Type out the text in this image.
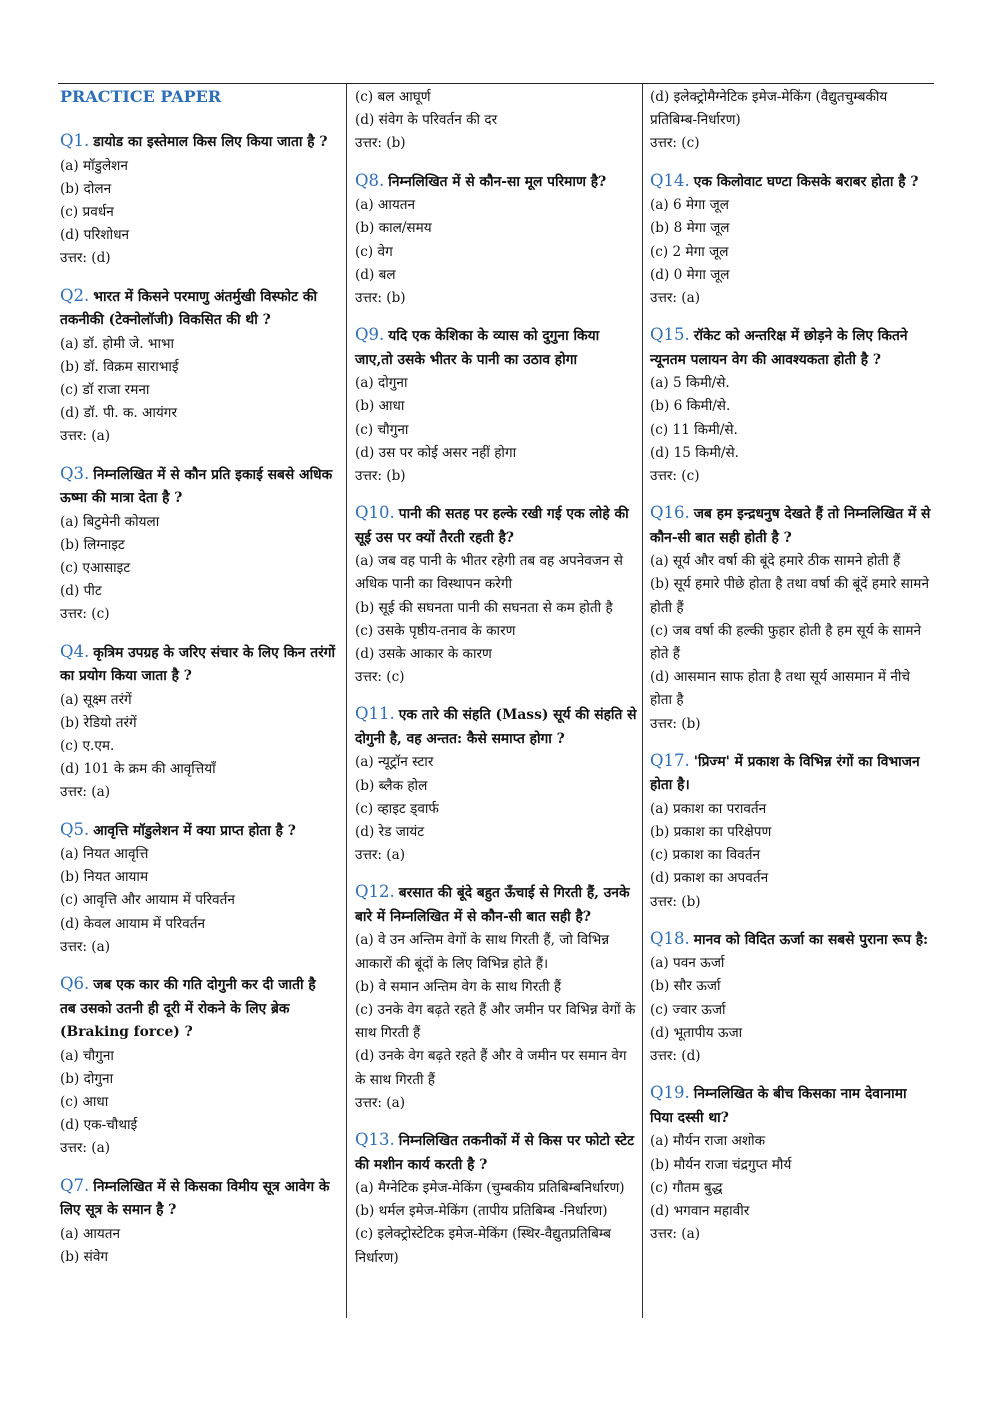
PRACTICE PAPER
Q1. डायोड का इस्तेमाल किस लिए किया जाता है ?
(a) मॉडुलेशन
(b) दोलन
(c) प्रवर्धन
(d) परिशोधन
उत्तर: (d)
Q2. भारत में किसने परमाणु अंतर्मुखी विस्फोट की तकनीकी (टेक्नोलॉजी) विकसित की थी ?
(a) डॉ. होमी जे. भाभा
(b) डॉ. विक्रम साराभाई
(c) डॉ राजा रमना
(d) डॉ. पी. क. आयंगर
उत्तर: (a)
Q3. निम्नलिखित में से कौन प्रति इकाई सबसे अधिक ऊष्मा की मात्रा देता है ?
(a) बिटुमेनी कोयला
(b) लिग्नाइट
(c) एआसाइट
(d) पीट
उत्तर: (c)
Q4. कृत्रिम उपग्रह के जरिए संचार के लिए किन तरंगों का प्रयोग किया जाता है ?
(a) सूक्ष्म तरंगें
(b) रेडियो तरंगें
(c) ए.एम.
(d) 101 के क्रम की आवृत्तियाँ
उत्तर: (a)
Q5. आवृत्ति मॉडुलेशन में क्या प्राप्त होता है ?
(a) नियत आवृत्ति
(b) नियत आयाम
(c) आवृत्ति और आयाम में परिवर्तन
(d) केवल आयाम में परिवर्तन
उत्तर: (a)
Q6. जब एक कार की गति दोगुनी कर दी जाती है तब उसको उतनी ही दूरी में रोकने के लिए ब्रेक (Braking force) ?
(a) चौगुना
(b) दोगुना
(c) आधा
(d) एक-चौथाई
उत्तर: (a)
Q7. निम्नलिखित में से किसका विमीय सूत्र आवेग के लिए सूत्र के समान है ?
(a) आयतन
(b) संवेग
(c) बल आघूर्ण
(d) संवेग के परिवर्तन की दर
उत्तर: (b)
Q8. निम्नलिखित में से कौन-सा मूल परिमाण है?
(a) आयतन
(b) काल/समय
(c) वेग
(d) बल
उत्तर: (b)
Q9. यदि एक केशिका के व्यास को दुगुना किया जाए,तो उसके भीतर के पानी का उठाव होगा
(a) दोगुना
(b) आधा
(c) चौगुना
(d) उस पर कोई असर नहीं होगा
उत्तर: (b)
Q10. पानी की सतह पर हल्के रखी गई एक लोहे की सूई उस पर क्यों तैरती रहती है?
(a) जब वह पानी के भीतर रहेगी तब वह अपनेवजन से अधिक पानी का विस्थापन करेगी
(b) सूई की सघनता पानी की सघनता से कम होती है
(c) उसके पृष्ठीय-तनाव के कारण
(d) उसके आकार के कारण
उत्तर: (c)
Q11. एक तारे की संहति (Mass) सूर्य की संहति से दोगुनी है, वह अन्तत: कैसे समाप्त होगा ?
(a) न्यूट्रॉन स्टार
(b) ब्लैक होल
(c) व्हाइट ड्वार्फ
(d) रेड जायंट
उत्तर: (a)
Q12. बरसात की बूंदे बहुत ऊँचाई से गिरती हैं, उनके बारे में निम्नलिखित में से कौन-सी बात सही है?
(a) वे उन अन्तिम वेगों के साथ गिरती हैं, जो विभिन्न आकारों की बूंदों के लिए विभिन्न होते हैं।
(b) वे समान अन्तिम वेग के साथ गिरती हैं
(c) उनके वेग बढ़ते रहते हैं और जमीन पर विभिन्न वेगों के साथ गिरती हैं
(d) उनके वेग बढ़ते रहते हैं और वे जमीन पर समान वेग के साथ गिरती हैं
उत्तर: (a)
Q13. निम्नलिखित तकनीकों में से किस पर फोटो स्टेट की मशीन कार्य करती है ?
(a) मैग्नेटिक इमेज-मेकिंग (चुम्बकीय प्रतिबिम्बनिर्धारण)
(b) थर्मल इमेज-मेकिंग (तापीय प्रतिबिम्ब -निर्धारण)
(c) इलेक्ट्रोस्टेटिक इमेज-मेकिंग (स्थिर-वैद्युतप्रतिबिम्ब निर्धारण)
(d) इलेक्ट्रोमैग्नेटिक इमेज-मेकिंग (वैद्युतचुम्बकीय प्रतिबिम्ब-निर्धारण)
उत्तर: (c)
Q14. एक किलोवाट घण्टा किसके बराबर होता है ?
(a) 6 मेगा जूल
(b) 8 मेगा जूल
(c) 2 मेगा जूल
(d) 0 मेगा जूल
उत्तर: (a)
Q15. रॉकेट को अन्तरिक्ष में छोड़ने के लिए कितने न्यूनतम पलायन वेग की आवश्यकता होती है ?
(a) 5 किमी/से.
(b) 6 किमी/से.
(c) 11 किमी/से.
(d) 15 किमी/से.
उत्तर: (c)
Q16. जब हम इन्द्रधनुष देखते हैं तो निम्नलिखित में से कौन-सी बात सही होती है ?
(a) सूर्य और वर्षा की बूंदे हमारे ठीक सामने होती हैं
(b) सूर्य हमारे पीछे होता है तथा वर्षा की बूंदें हमारे सामने होती हैं
(c) जब वर्षा की हल्की फुहार होती है हम सूर्य के सामने होते हैं
(d) आसमान साफ होता है तथा सूर्य आसमान में नीचे होता है
उत्तर: (b)
Q17. 'प्रिज्म' में प्रकाश के विभिन्न रंगों का विभाजन होता है।
(a) प्रकाश का परावर्तन
(b) प्रकाश का परिक्षेपण
(c) प्रकाश का विवर्तन
(d) प्रकाश का अपवर्तन
उत्तर: (b)
Q18. मानव को विदित ऊर्जा का सबसे पुराना रूप है:
(a) पवन ऊर्जा
(b) सौर ऊर्जा
(c) ज्वार ऊर्जा
(d) भूतापीय ऊजा
उत्तर: (d)
Q19. निम्नलिखित के बीच किसका नाम देवानामा पिया दस्सी था?
(a) मौर्यन राजा अशोक
(b) मौर्यन राजा चंद्रगुप्त मौर्य
(c) गौतम बुद्ध
(d) भगवान महावीर
उत्तर: (a)
